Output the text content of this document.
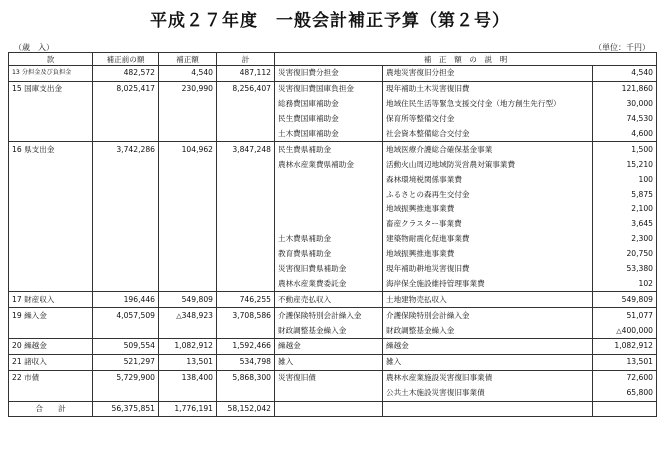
平成２７年度　一般会計補正予算（第２号）
（歳　入）	（単位：千円）
款	補正前の額	補正額	計	補　正　額　の　説　明		
13 分担金及び負担金	482,572	4,540	487,112	災害復旧費分担金	農地災害復旧分担金	4,540
15 国庫支出金	8,025,417	230,990	8,256,407	災害復旧費国庫負担金	現年補助土木災害復旧費	121,860
				総務費国庫補助金	地域住民生活等緊急支援交付金（地方創生先行型）	30,000
				民生費国庫補助金	保育所等整備交付金	74,530
				土木費国庫補助金	社会資本整備総合交付金	4,600
16 県支出金	3,742,286	104,962	3,847,248	民生費県補助金	地域医療介護総合確保基金事業	1,500
				農林水産業費県補助金	活動火山周辺地域防災営農対策事業費	15,210
					森林環境税関係事業費	100
					ふるさとの森再生交付金	5,875
					地域振興推進事業費	2,100
					畜産クラスター事業費	3,645
				土木費県補助金	建築物耐震化促進事業費	2,300
				教育費県補助金	地域振興推進事業費	20,750
				災害復旧費県補助金	現年補助耕地災害復旧費	53,380
				農林水産業費委託金	海岸保全施設維持管理事業費	102
17 財産収入	196,446	549,809	746,255	不動産売払収入	土地建物売払収入	549,809
19 繰入金	4,057,509	△348,923	3,708,586	介護保険特別会計繰入金	介護保険特別会計繰入金	51,077
				財政調整基金繰入金	財政調整基金繰入金	△400,000
20 繰越金	509,554	1,082,912	1,592,466	繰越金	繰越金	1,082,912
21 諸収入	521,297	13,501	534,798	雑入	雑入	13,501
22 市債	5,729,900	138,400	5,868,300	災害復旧債	農林水産業施設災害復旧事業債	72,600
					公共土木施設災害復旧事業債	65,800
合　　計	56,375,851	1,776,191	58,152,042			
